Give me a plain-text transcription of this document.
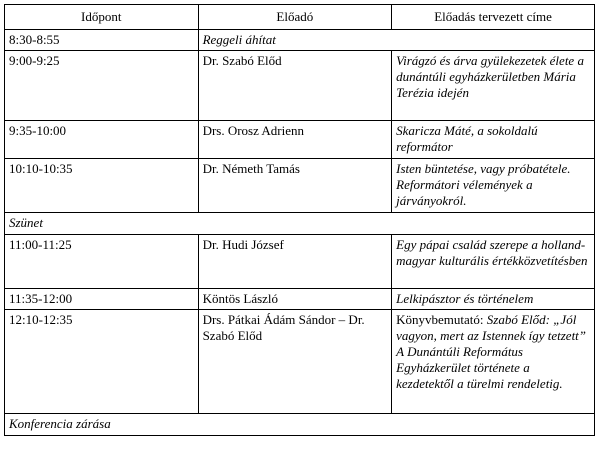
Időpont	Előadó	Előadás tervezett címe
8:30-8:55	Reggeli áhítat	
9:00-9:25	Dr. Szabó Előd	Virágzó és árva gyülekezetek élete a dunántúli egyházkerületben Mária Terézia idején
9:35-10:00	Drs. Orosz Adrienn	Skaricza Máté, a sokoldalú reformátor
10:10-10:35	Dr. Németh Tamás	Isten büntetése, vagy próbatétele. Reformátori vélemények a járványokról.
Szünet		
11:00-11:25	Dr. Hudi József	Egy pápai család szerepe a holland-magyar kulturális értékközvetítésben
11:35-12:00	Köntös László	Lelkipásztor és történelem
12:10-12:35	Drs. Pátkai Ádám Sándor – Dr. Szabó Előd	Könyvbemutató: Szabó Előd: „Jól vagyon, mert az Istennek így tetzett” A Dunántúli Református Egyházkerület története a kezdetektől a türelmi rendeletig.
Konferencia zárása		
